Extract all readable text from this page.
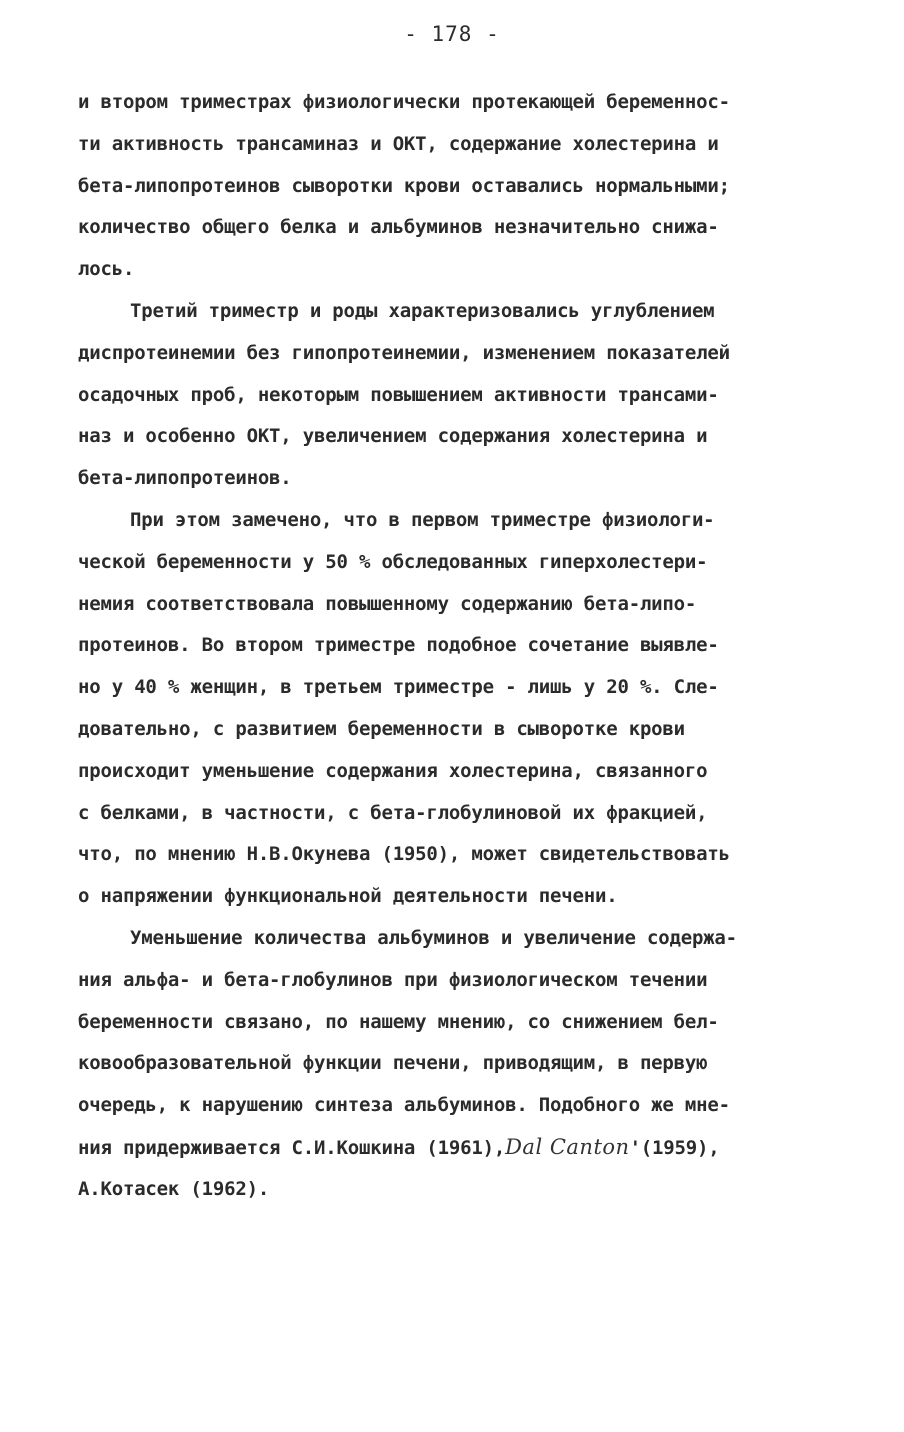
- 178 -
и втором триместрах физиологически протекающей беременнос-
ти активность трансаминаз и ОКТ, содержание холестерина и
бета-липопротеинов сыворотки крови оставались нормальными;
количество общего белка и альбуминов незначительно снижа-
лось.
Третий триместр и роды характеризовались углублением
диспротеинемии без гипопротеинемии, изменением показателей
осадочных проб, некоторым повышением активности трансами-
наз и особенно ОКТ, увеличением содержания холестерина и
бета-липопротеинов.
При этом замечено, что в первом триместре физиологи-
ческой беременности у 50 % обследованных гиперхолестери-
немия соответствовала повышенному содержанию бета-липо-
протеинов. Во втором триместре подобное сочетание выявле-
но у 40 % женщин, в третьем триместре - лишь у 20 %. Сле-
довательно, с развитием беременности в сыворотке крови
происходит уменьшение содержания холестерина, связанного
с белками, в частности, с бета-глобулиновой их фракцией,
что, по мнению Н.В.Окунева (1950), может свидетельствовать
о напряжении функциональной деятельности печени.
Уменьшение количества альбуминов и увеличение содержа-
ния альфа- и бета-глобулинов при физиологическом течении
беременности связано, по нашему мнению, со снижением бел-
ковообразовательной функции печени, приводящим, в первую
очередь, к нарушению синтеза альбуминов. Подобного же мне-
ния придерживается С.И.Кошкина (1961),Dal Canton'(1959),
А.Котасек (1962).
